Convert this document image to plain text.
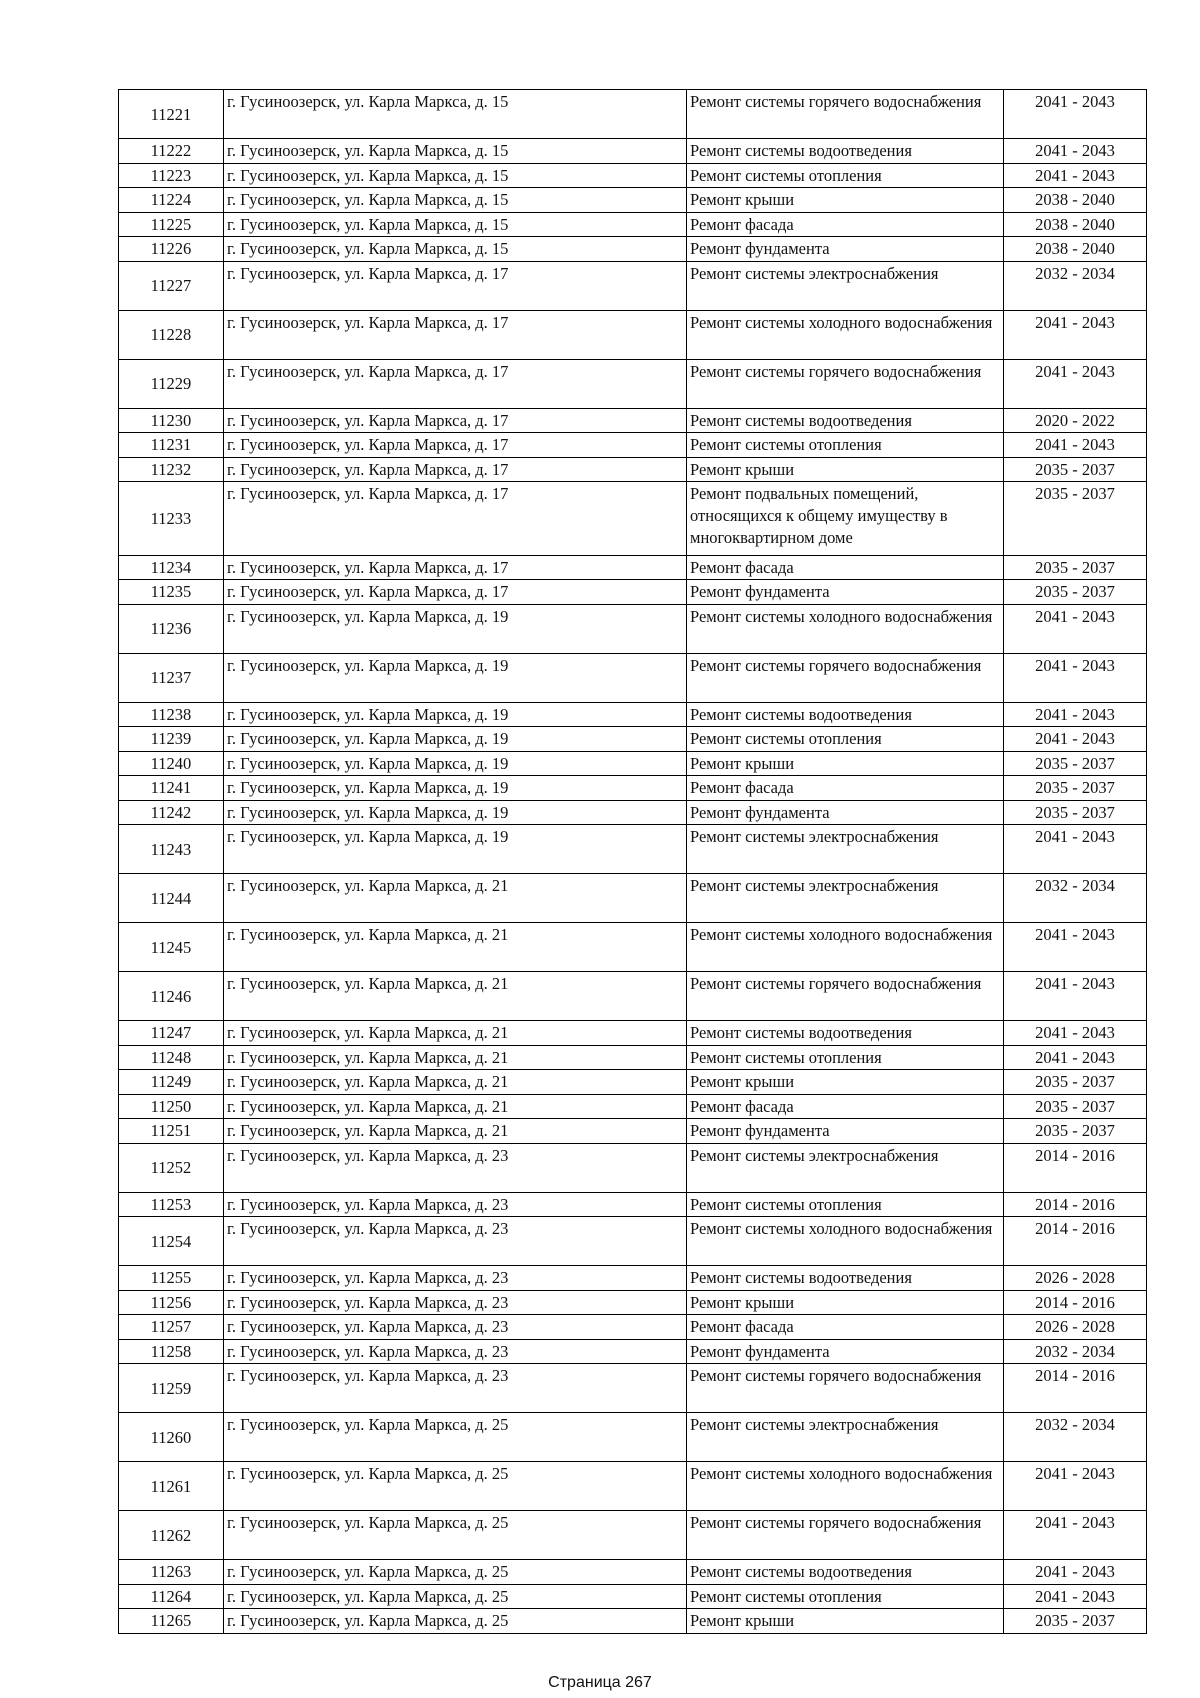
11221	г. Гусиноозерск, ул. Карла Маркса, д. 15	Ремонт системы горячего водоснабжения	2041 - 2043
11222	г. Гусиноозерск, ул. Карла Маркса, д. 15	Ремонт системы водоотведения	2041 - 2043
11223	г. Гусиноозерск, ул. Карла Маркса, д. 15	Ремонт системы отопления	2041 - 2043
11224	г. Гусиноозерск, ул. Карла Маркса, д. 15	Ремонт крыши	2038 - 2040
11225	г. Гусиноозерск, ул. Карла Маркса, д. 15	Ремонт фасада	2038 - 2040
11226	г. Гусиноозерск, ул. Карла Маркса, д. 15	Ремонт фундамента	2038 - 2040
11227	г. Гусиноозерск, ул. Карла Маркса, д. 17	Ремонт системы электроснабжения	2032 - 2034
11228	г. Гусиноозерск, ул. Карла Маркса, д. 17	Ремонт системы холодного водоснабжения	2041 - 2043
11229	г. Гусиноозерск, ул. Карла Маркса, д. 17	Ремонт системы горячего водоснабжения	2041 - 2043
11230	г. Гусиноозерск, ул. Карла Маркса, д. 17	Ремонт системы водоотведения	2020 - 2022
11231	г. Гусиноозерск, ул. Карла Маркса, д. 17	Ремонт системы отопления	2041 - 2043
11232	г. Гусиноозерск, ул. Карла Маркса, д. 17	Ремонт крыши	2035 - 2037
11233	г. Гусиноозерск, ул. Карла Маркса, д. 17	Ремонт подвальных помещений, относящихся к общему имуществу в многоквартирном доме	2035 - 2037
11234	г. Гусиноозерск, ул. Карла Маркса, д. 17	Ремонт фасада	2035 - 2037
11235	г. Гусиноозерск, ул. Карла Маркса, д. 17	Ремонт фундамента	2035 - 2037
11236	г. Гусиноозерск, ул. Карла Маркса, д. 19	Ремонт системы холодного водоснабжения	2041 - 2043
11237	г. Гусиноозерск, ул. Карла Маркса, д. 19	Ремонт системы горячего водоснабжения	2041 - 2043
11238	г. Гусиноозерск, ул. Карла Маркса, д. 19	Ремонт системы водоотведения	2041 - 2043
11239	г. Гусиноозерск, ул. Карла Маркса, д. 19	Ремонт системы отопления	2041 - 2043
11240	г. Гусиноозерск, ул. Карла Маркса, д. 19	Ремонт крыши	2035 - 2037
11241	г. Гусиноозерск, ул. Карла Маркса, д. 19	Ремонт фасада	2035 - 2037
11242	г. Гусиноозерск, ул. Карла Маркса, д. 19	Ремонт фундамента	2035 - 2037
11243	г. Гусиноозерск, ул. Карла Маркса, д. 19	Ремонт системы электроснабжения	2041 - 2043
11244	г. Гусиноозерск, ул. Карла Маркса, д. 21	Ремонт системы электроснабжения	2032 - 2034
11245	г. Гусиноозерск, ул. Карла Маркса, д. 21	Ремонт системы холодного водоснабжения	2041 - 2043
11246	г. Гусиноозерск, ул. Карла Маркса, д. 21	Ремонт системы горячего водоснабжения	2041 - 2043
11247	г. Гусиноозерск, ул. Карла Маркса, д. 21	Ремонт системы водоотведения	2041 - 2043
11248	г. Гусиноозерск, ул. Карла Маркса, д. 21	Ремонт системы отопления	2041 - 2043
11249	г. Гусиноозерск, ул. Карла Маркса, д. 21	Ремонт крыши	2035 - 2037
11250	г. Гусиноозерск, ул. Карла Маркса, д. 21	Ремонт фасада	2035 - 2037
11251	г. Гусиноозерск, ул. Карла Маркса, д. 21	Ремонт фундамента	2035 - 2037
11252	г. Гусиноозерск, ул. Карла Маркса, д. 23	Ремонт системы электроснабжения	2014 - 2016
11253	г. Гусиноозерск, ул. Карла Маркса, д. 23	Ремонт системы отопления	2014 - 2016
11254	г. Гусиноозерск, ул. Карла Маркса, д. 23	Ремонт системы холодного водоснабжения	2014 - 2016
11255	г. Гусиноозерск, ул. Карла Маркса, д. 23	Ремонт системы водоотведения	2026 - 2028
11256	г. Гусиноозерск, ул. Карла Маркса, д. 23	Ремонт крыши	2014 - 2016
11257	г. Гусиноозерск, ул. Карла Маркса, д. 23	Ремонт фасада	2026 - 2028
11258	г. Гусиноозерск, ул. Карла Маркса, д. 23	Ремонт фундамента	2032 - 2034
11259	г. Гусиноозерск, ул. Карла Маркса, д. 23	Ремонт системы горячего водоснабжения	2014 - 2016
11260	г. Гусиноозерск, ул. Карла Маркса, д. 25	Ремонт системы электроснабжения	2032 - 2034
11261	г. Гусиноозерск, ул. Карла Маркса, д. 25	Ремонт системы холодного водоснабжения	2041 - 2043
11262	г. Гусиноозерск, ул. Карла Маркса, д. 25	Ремонт системы горячего водоснабжения	2041 - 2043
11263	г. Гусиноозерск, ул. Карла Маркса, д. 25	Ремонт системы водоотведения	2041 - 2043
11264	г. Гусиноозерск, ул. Карла Маркса, д. 25	Ремонт системы отопления	2041 - 2043
11265	г. Гусиноозерск, ул. Карла Маркса, д. 25	Ремонт крыши	2035 - 2037
Страница 267
